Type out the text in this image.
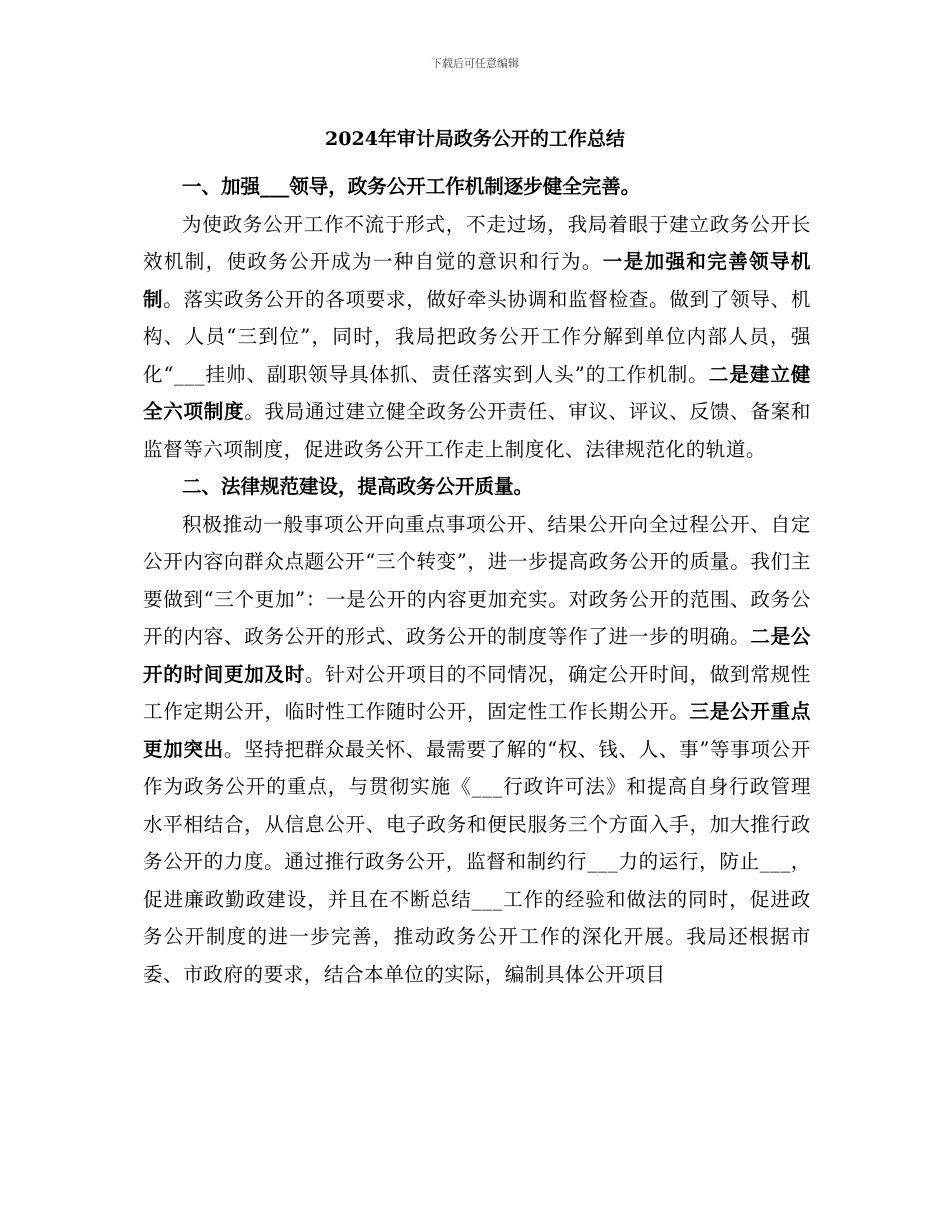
下载后可任意编辑
2024年审计局政务公开的工作总结

一、加强___领导，政务公开工作机制逐步健全完善。

为使政务公开工作不流于形式，不走过场，我局着眼于建立政务公开长效机制，使政务公开成为一种自觉的意识和行为。一是加强和完善领导机制。落实政务公开的各项要求，做好牵头协调和监督检查。做到了领导、机构、人员“三到位”，同时，我局把政务公开工作分解到单位内部人员，强化“___挂帅、副职领导具体抓、责任落实到人头”的工作机制。二是建立健全六项制度。我局通过建立健全政务公开责任、审议、评议、反馈、备案和监督等六项制度，促进政务公开工作走上制度化、法律规范化的轨道。

二、法律规范建设，提高政务公开质量。

积极推动一般事项公开向重点事项公开、结果公开向全过程公开、自定公开内容向群众点题公开“三个转变”，进一步提高政务公开的质量。我们主要做到“三个更加”：一是公开的内容更加充实。对政务公开的范围、政务公开的内容、政务公开的形式、政务公开的制度等作了进一步的明确。二是公开的时间更加及时。针对公开项目的不同情况，确定公开时间，做到常规性工作定期公开，临时性工作随时公开，固定性工作长期公开。三是公开重点更加突出。坚持把群众最关怀、最需要了解的“权、钱、人、事”等事项公开作为政务公开的重点，与贯彻实施《___行政许可法》和提高自身行政管理水平相结合，从信息公开、电子政务和便民服务三个方面入手，加大推行政务公开的力度。通过推行政务公开，监督和制约行___力的运行，防止___，促进廉政勤政建设，并且在不断总结___工作的经验和做法的同时，促进政务公开制度的进一步完善，推动政务公开工作的深化开展。我局还根据市委、市政府的要求，结合本单位的实际，编制具体公开项目
